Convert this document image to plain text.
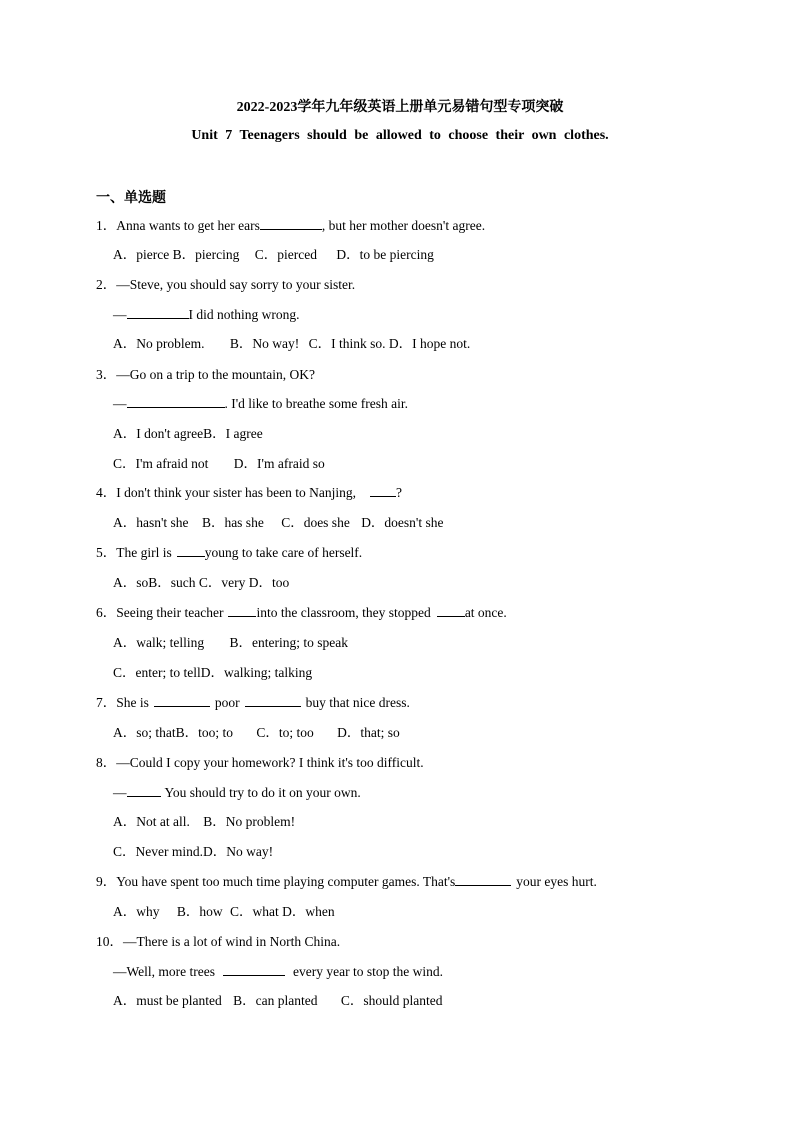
2022-2023学年九年级英语上册单元易错句型专项突破
Unit 7 Teenagers should be allowed to choose their own clothes.
一、单选题
1．Anna wants to get her ears	, but her mother doesn't agree.
A．pierce B．piercing C．pierced D．to be piercing
2．—Steve, you should say sorry to your sister.
—	I did nothing wrong.
A．No problem. B．No way! C．I think so. D．I hope not.
3．—Go on a trip to the mountain, OK?
—	. I'd like to breathe some fresh air.
A．I don't agreeB．I agree
C．I'm afraid not D．I'm afraid so
4．I don't think your sister has been to Nanjing,	?
A．hasn't she B．has she C．does she D．doesn't she
5．The girl is young to take care of herself.
A．soB．such C．very D．too
6．Seeing their teacher into the classroom, they stopped	at once.
A．walk; telling B．entering; to speak
C．enter; to tellD．walking; talking
7．She is	poor	buy that nice dress.
A．so; thatB．too; to C．to; too D．that; so
8．—Could I copy your homework? I think it's too difficult.
—	You should try to do it on your own.
A．Not at all. B．No problem!
C．Never mind.D．No way!
9．You have spent too much time playing computer games. That's	your eyes hurt.
A．why B．how C．what D．when
10．—There is a lot of wind in North China.
—Well, more trees	every year to stop the wind.
A．must be planted B．can planted C．should planted
